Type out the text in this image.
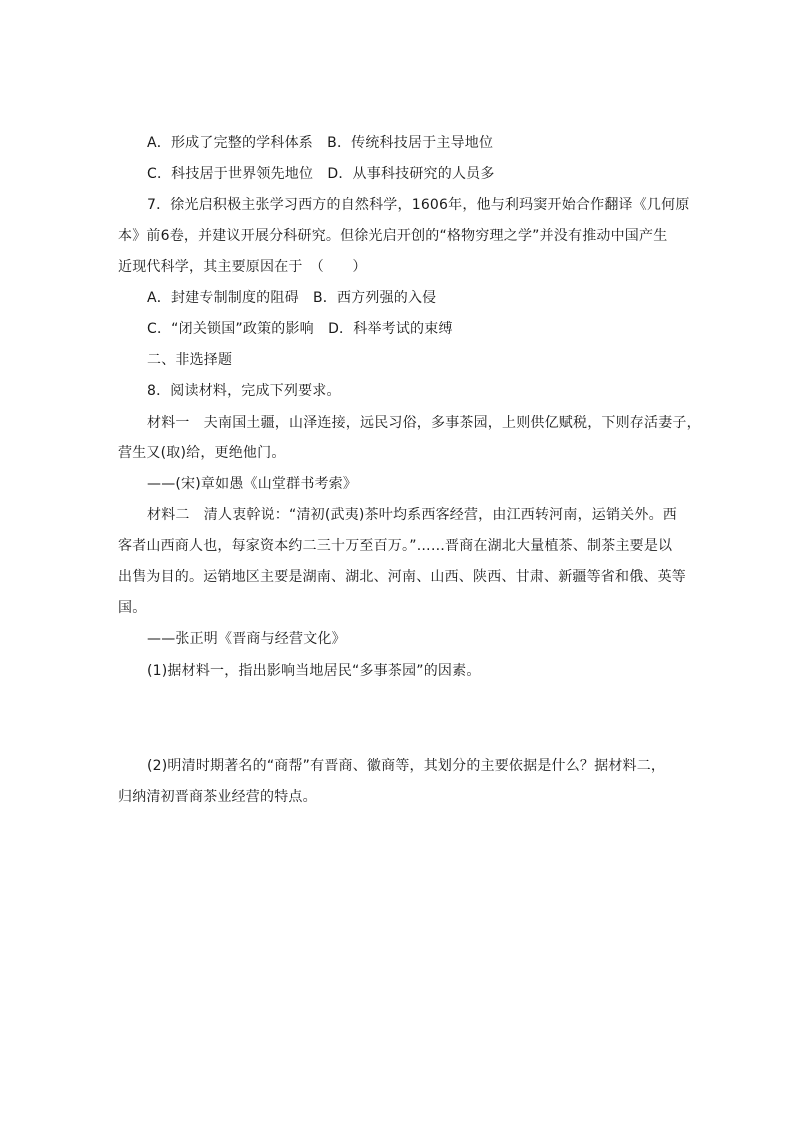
A．形成了完整的学科体系　B．传统科技居于主导地位
C．科技居于世界领先地位　D．从事科技研究的人员多
7．徐光启积极主张学习西方的自然科学，1606年，他与利玛窦开始合作翻译《几何原
本》前6卷，并建议开展分科研究。但徐光启开创的“格物穷理之学”并没有推动中国产生
近现代科学，其主要原因在于　（　　）
A．封建专制制度的阻碍　B．西方列强的入侵
C．“闭关锁国”政策的影响　D．科举考试的束缚
二、非选择题
8．阅读材料，完成下列要求。
材料一　夫南国土疆，山泽连接，远民习俗，多事茶园，上则供亿赋税，下则存活妻子，
营生又(取)给，更绝他门。
——(宋)章如愚《山堂群书考索》
材料二　清人衷幹说：“清初(武夷)茶叶均系西客经营，由江西转河南，运销关外。西
客者山西商人也，每家资本约二三十万至百万。”……晋商在湖北大量植茶、制茶主要是以
出售为目的。运销地区主要是湖南、湖北、河南、山西、陕西、甘肃、新疆等省和俄、英等
国。
——张正明《晋商与经营文化》
(1)据材料一，指出影响当地居民“多事茶园”的因素。
(2)明清时期著名的“商帮”有晋商、徽商等，其划分的主要依据是什么？据材料二，
归纳清初晋商茶业经营的特点。
